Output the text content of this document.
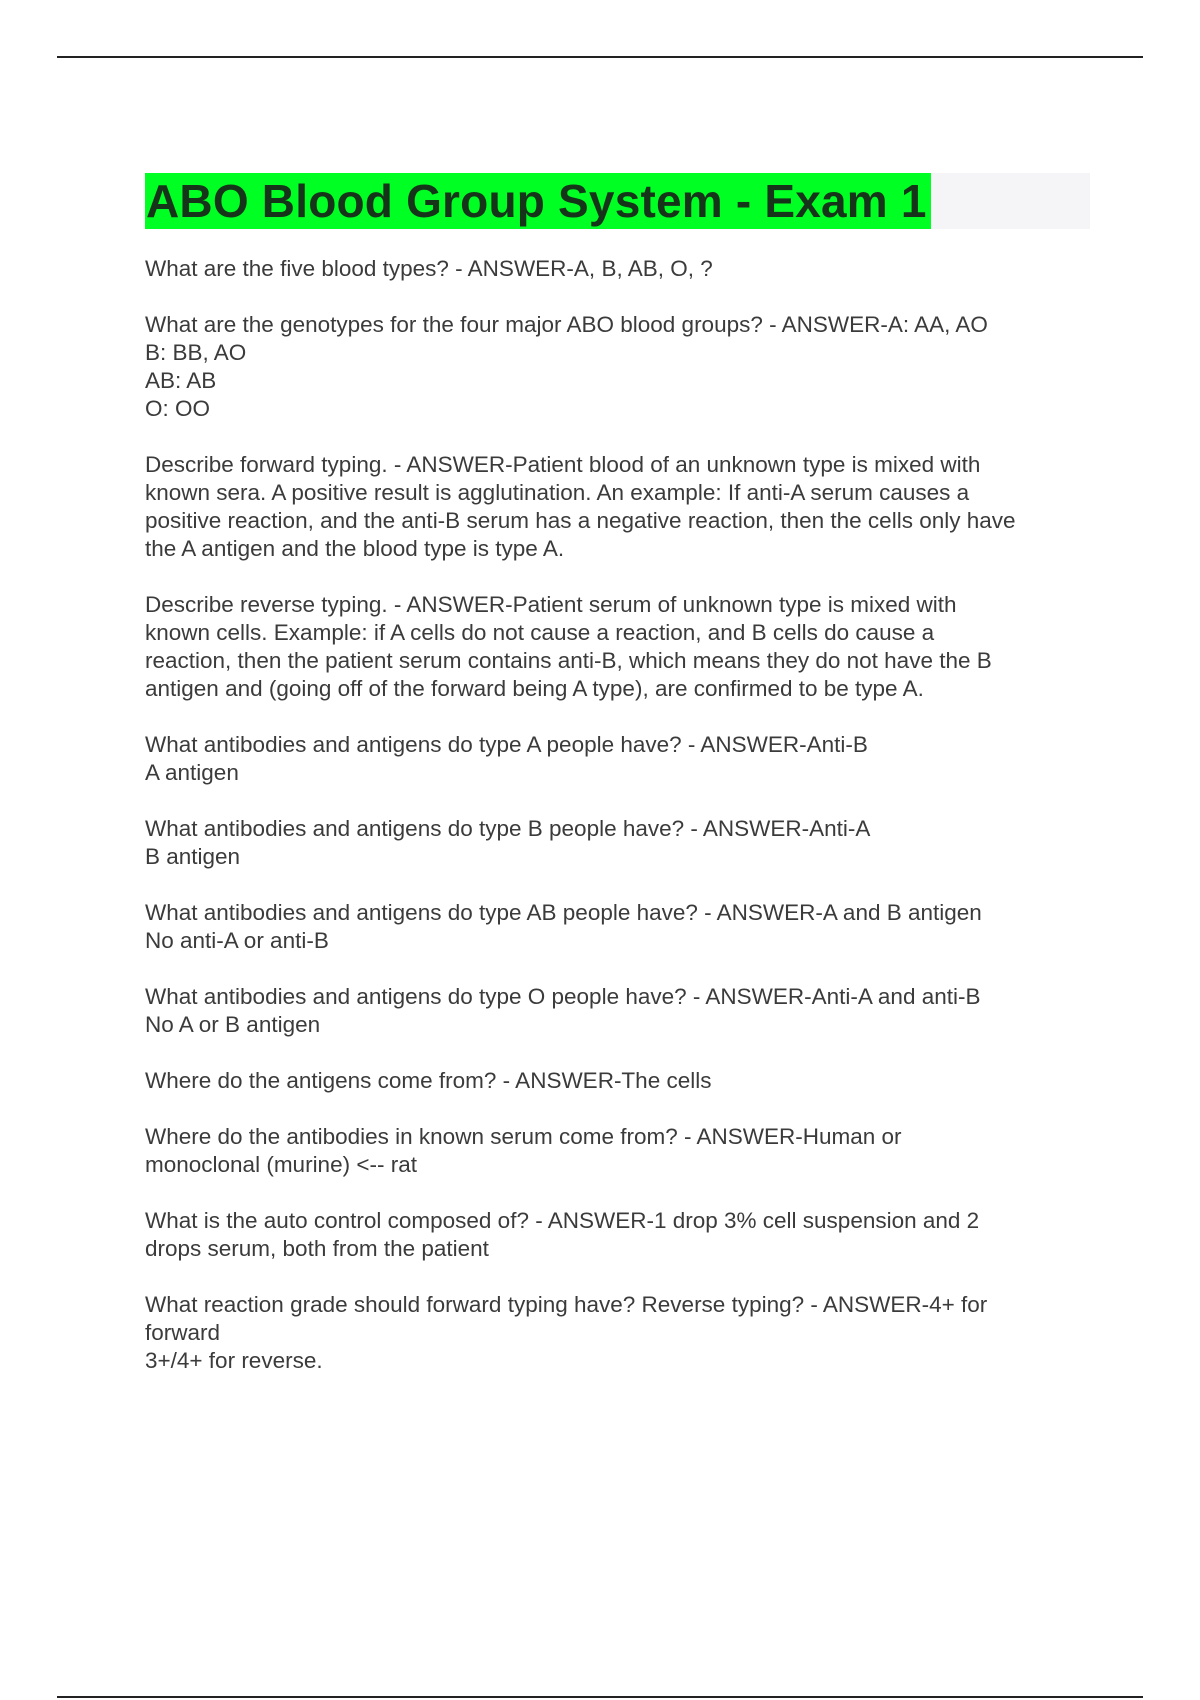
ABO Blood Group System - Exam 1

What are the five blood types? - ANSWER-A, B, AB, O, ?

What are the genotypes for the four major ABO blood groups? - ANSWER-A: AA, AO
B: BB, AO
AB: AB
O: OO

Describe forward typing. - ANSWER-Patient blood of an unknown type is mixed with
known sera. A positive result is agglutination. An example: If anti-A serum causes a
positive reaction, and the anti-B serum has a negative reaction, then the cells only have
the A antigen and the blood type is type A.

Describe reverse typing. - ANSWER-Patient serum of unknown type is mixed with
known cells. Example: if A cells do not cause a reaction, and B cells do cause a
reaction, then the patient serum contains anti-B, which means they do not have the B
antigen and (going off of the forward being A type), are confirmed to be type A.

What antibodies and antigens do type A people have? - ANSWER-Anti-B
A antigen

What antibodies and antigens do type B people have? - ANSWER-Anti-A
B antigen

What antibodies and antigens do type AB people have? - ANSWER-A and B antigen
No anti-A or anti-B

What antibodies and antigens do type O people have? - ANSWER-Anti-A and anti-B
No A or B antigen

Where do the antigens come from? - ANSWER-The cells

Where do the antibodies in known serum come from? - ANSWER-Human or
monoclonal (murine) <-- rat

What is the auto control composed of? - ANSWER-1 drop 3% cell suspension and 2
drops serum, both from the patient

What reaction grade should forward typing have? Reverse typing? - ANSWER-4+ for
forward
3+/4+ for reverse.
